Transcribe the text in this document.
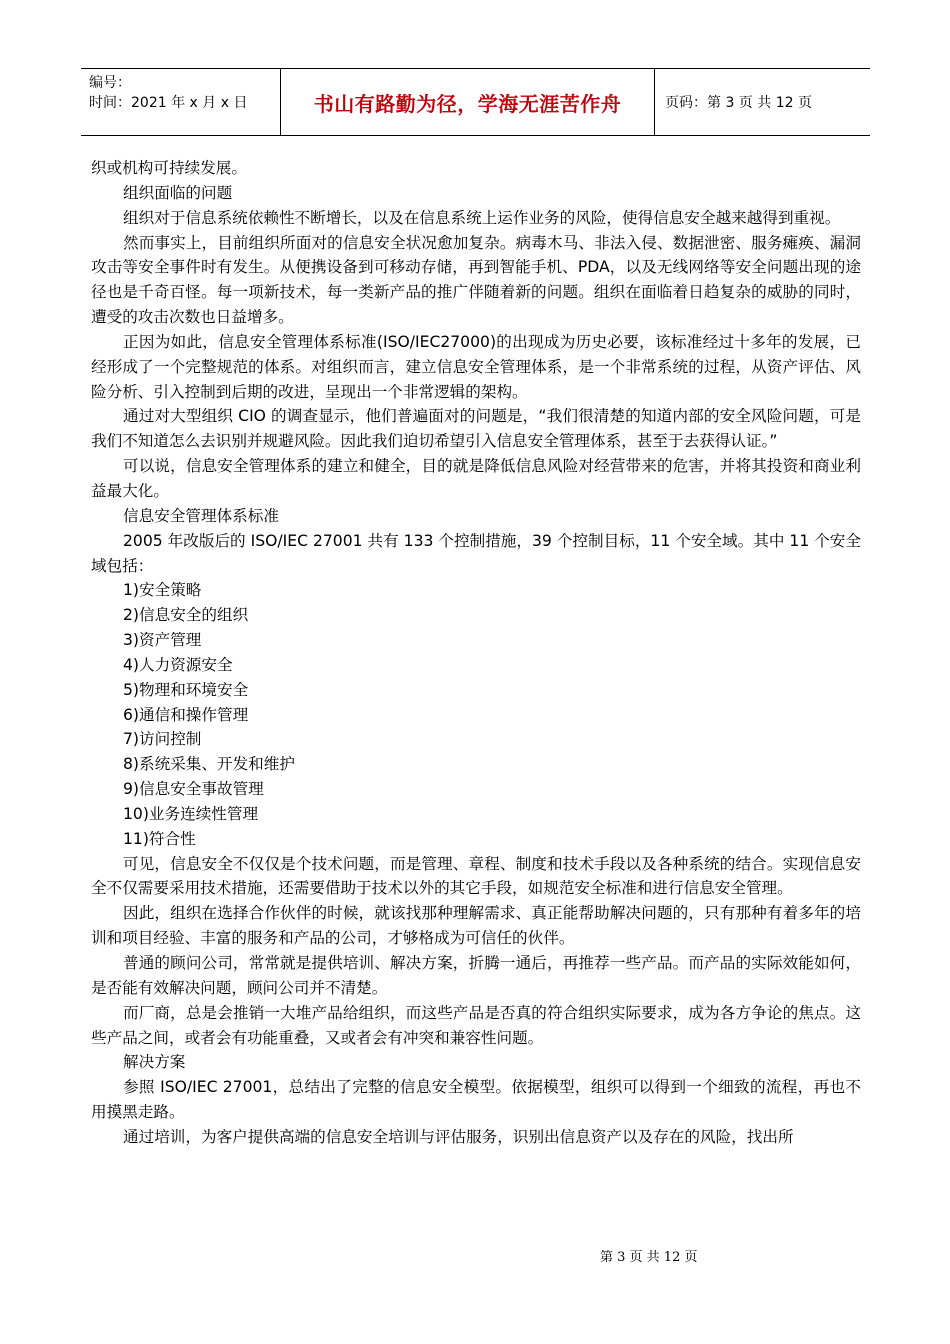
编号：
时间：2021 年 x 月 x 日	书山有路勤为径，学海无涯苦作舟	页码：第 3 页 共 12 页

织或机构可持续发展。

组织面临的问题

组织对于信息系统依赖性不断增长，以及在信息系统上运作业务的风险，使得信息安全越来越得到重视。

然而事实上，目前组织所面对的信息安全状况愈加复杂。病毒木马、非法入侵、数据泄密、服务瘫痪、漏洞攻击等安全事件时有发生。从便携设备到可移动存储，再到智能手机、PDA，以及无线网络等安全问题出现的途径也是千奇百怪。每一项新技术，每一类新产品的推广伴随着新的问题。组织在面临着日趋复杂的威胁的同时，遭受的攻击次数也日益增多。

正因为如此，信息安全管理体系标准(ISO/IEC27000)的出现成为历史必要，该标准经过十多年的发展，已经形成了一个完整规范的体系。对组织而言，建立信息安全管理体系，是一个非常系统的过程，从资产评估、风险分析、引入控制到后期的改进，呈现出一个非常逻辑的架构。

通过对大型组织 CIO 的调查显示，他们普遍面对的问题是，“我们很清楚的知道内部的安全风险问题，可是我们不知道怎么去识别并规避风险。因此我们迫切希望引入信息安全管理体系，甚至于去获得认证。”

可以说，信息安全管理体系的建立和健全，目的就是降低信息风险对经营带来的危害，并将其投资和商业利益最大化。

信息安全管理体系标准

2005 年改版后的 ISO/IEC 27001 共有 133 个控制措施，39 个控制目标，11 个安全域。其中 11 个安全域包括：

1)安全策略

2)信息安全的组织

3)资产管理

4)人力资源安全

5)物理和环境安全

6)通信和操作管理

7)访问控制

8)系统采集、开发和维护

9)信息安全事故管理

10)业务连续性管理

11)符合性

可见，信息安全不仅仅是个技术问题，而是管理、章程、制度和技术手段以及各种系统的结合。实现信息安全不仅需要采用技术措施，还需要借助于技术以外的其它手段，如规范安全标准和进行信息安全管理。

因此，组织在选择合作伙伴的时候，就该找那种理解需求、真正能帮助解决问题的，只有那种有着多年的培训和项目经验、丰富的服务和产品的公司，才够格成为可信任的伙伴。

普通的顾问公司，常常就是提供培训、解决方案，折腾一通后，再推荐一些产品。而产品的实际效能如何，是否能有效解决问题，顾问公司并不清楚。

而厂商，总是会推销一大堆产品给组织，而这些产品是否真的符合组织实际要求，成为各方争论的焦点。这些产品之间，或者会有功能重叠，又或者会有冲突和兼容性问题。

解决方案

参照 ISO/IEC 27001，总结出了完整的信息安全模型。依据模型，组织可以得到一个细致的流程，再也不用摸黑走路。

通过培训，为客户提供高端的信息安全培训与评估服务，识别出信息资产以及存在的风险，找出所

第 3 页 共 12 页
